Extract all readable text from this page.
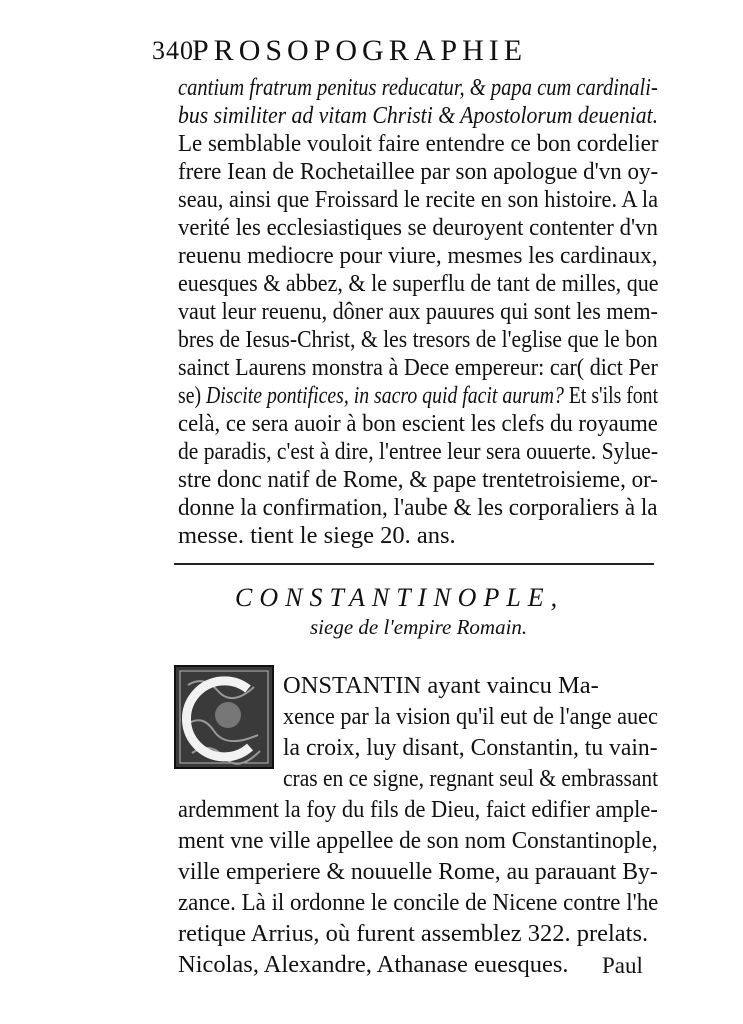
340
PROSOPOGRAPHIE
cantium fratrum penitus reducatur, & papa cum cardinali-
bus similiter ad vitam Christi & Apostolorum deueniat.
Le semblable vouloit faire entendre ce bon cordelier
frere Iean de Rochetaillee par son apologue d'vn oy-
seau, ainsi que Froissard le recite en son histoire. A la
verité les ecclesiastiques se deuroyent contenter d'vn
reuenu mediocre pour viure, mesmes les cardinaux,
euesques & abbez, & le superflu de tant de milles, que
vaut leur reuenu, dôner aux pauures qui sont les mem-
bres de Iesus-Christ, & les tresors de l'eglise que le bon
sainct Laurens monstra à Dece empereur: car( dict Per
se) Discite pontifices, in sacro quid facit aurum? Et s'ils font
celà, ce sera auoir à bon escient les clefs du royaume
de paradis, c'est à dire, l'entree leur sera ouuerte. Sylue-
stre donc natif de Rome, & pape trentetroisieme, or-
donne la confirmation, l'aube & les corporaliers à la
CONSTANTINOPLE,
siege de l'empire Romain.
ONSTANTIN ayant vaincu Ma-
xence par la vision qu'il eut de l'ange auec
la croix, luy disant, Constantin, tu vain-
cras en ce signe, regnant seul & embrassant
ardemment la foy du fils de Dieu, faict edifier ample-
ment vne ville appellee de son nom Constantinople,
ville emperiere & nouuelle Rome, au parauant By-
zance. Là il ordonne le concile de Nicene contre l'he
retique Arrius, où furent assemblez 322. prelats.
Nicolas, Alexandre, Athanase euesques. Paul
messe. tient le siege 20. ans.
